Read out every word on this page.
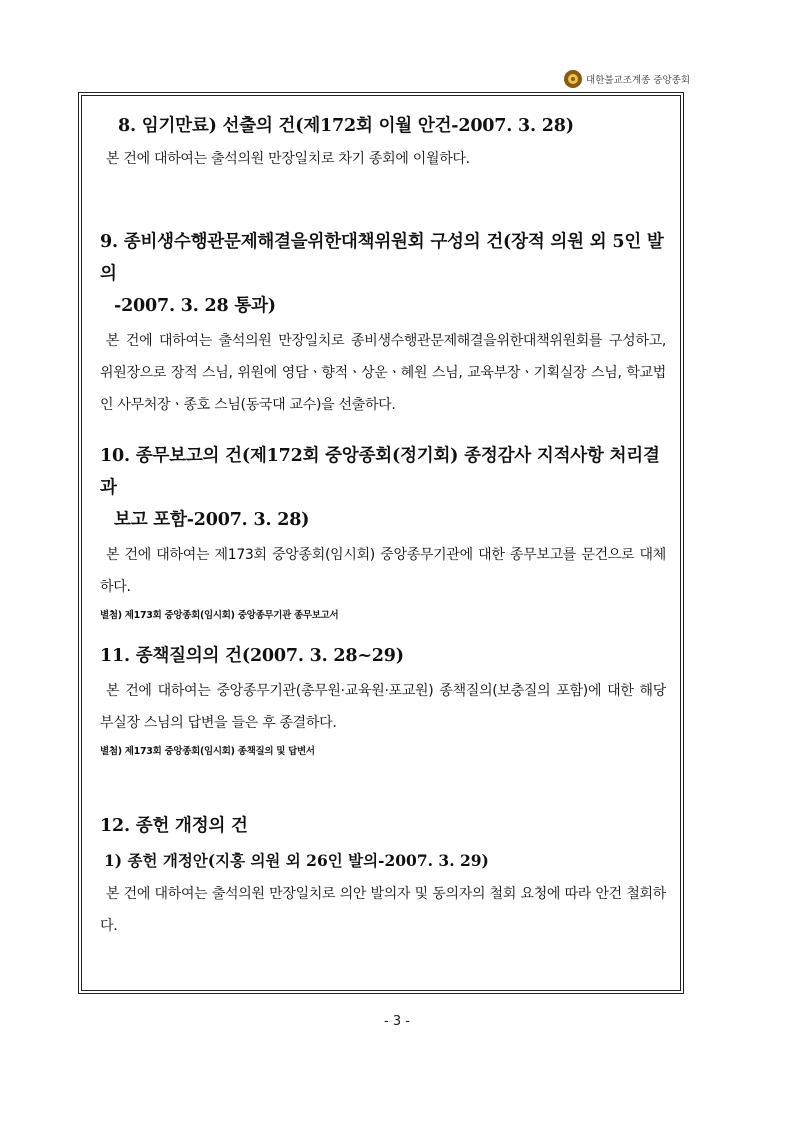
대한불교조계종 중앙종회
8. 임기만료) 선출의 건(제172회 이월 안건-2007. 3. 28)

본 건에 대하여는 출석의원 만장일치로 차기 종회에 이월하다.

9. 종비생수행관문제해결을위한대책위원회 구성의 건(장적 의원 외 5인 발의
-2007. 3. 28 통과)

본 건에 대하여는 출석의원 만장일치로 종비생수행관문제해결을위한대책위원회를 구성하고, 위원장으로 장적 스님, 위원에 영담ㆍ향적ㆍ상운ㆍ혜원 스님, 교육부장ㆍ기획실장 스님, 학교법인 사무처장ㆍ종호 스님(동국대 교수)을 선출하다.

10. 종무보고의 건(제172회 중앙종회(정기회) 종정감사 지적사항 처리결과
보고 포함-2007. 3. 28)

본 건에 대하여는 제173회 중앙종회(임시회) 중앙종무기관에 대한 종무보고를 문건으로 대체하다.

별첨) 제173회 중앙종회(임시회) 중앙종무기관 종무보고서

11. 종책질의의 건(2007. 3. 28~29)

본 건에 대하여는 중앙종무기관(총무원·교육원·포교원) 종책질의(보충질의 포함)에 대한 해당 부실장 스님의 답변을 들은 후 종결하다.

별첨) 제173회 중앙종회(임시회) 종책질의 및 답변서

12. 종헌 개정의 건
1) 종헌 개정안(지홍 의원 외 26인 발의-2007. 3. 29)

본 건에 대하여는 출석의원 만장일치로 의안 발의자 및 동의자의 철회 요청에 따라 안건 철회하다.

- 3 -
